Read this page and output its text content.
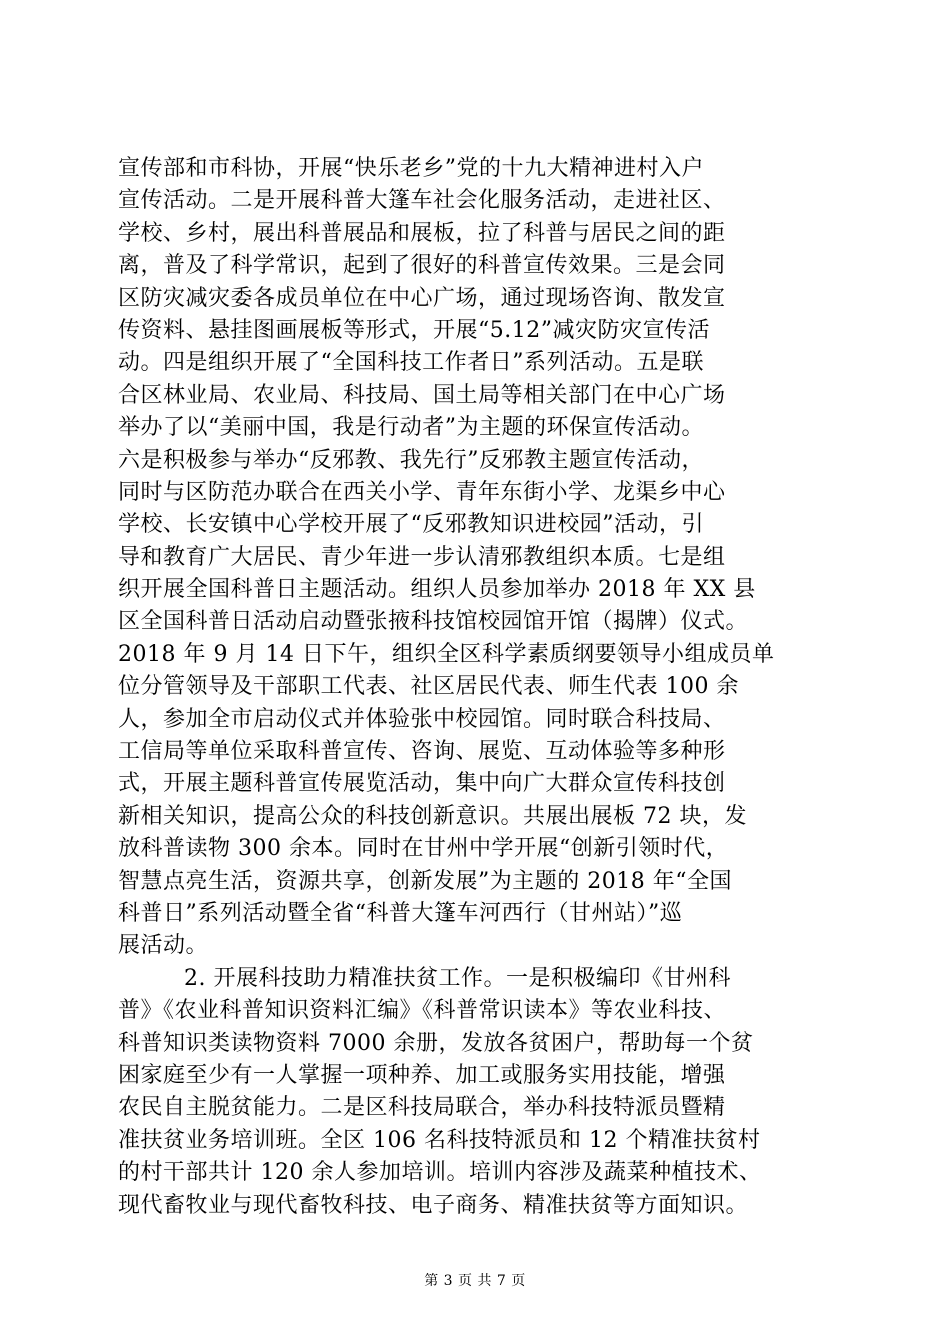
宣传部和市科协，开展“快乐老乡”党的十九大精神进村入户
宣传活动。二是开展科普大篷车社会化服务活动，走进社区、
学校、乡村，展出科普展品和展板，拉了科普与居民之间的距
离，普及了科学常识，起到了很好的科普宣传效果。三是会同
区防灾减灾委各成员单位在中心广场，通过现场咨询、散发宣
传资料、悬挂图画展板等形式，开展“5.12”减灾防灾宣传活
动。四是组织开展了“全国科技工作者日”系列活动。五是联
合区林业局、农业局、科技局、国土局等相关部门在中心广场
举办了以“美丽中国，我是行动者”为主题的环保宣传活动。
六是积极参与举办“反邪教、我先行”反邪教主题宣传活动，
同时与区防范办联合在西关小学、青年东街小学、龙渠乡中心
学校、长安镇中心学校开展了“反邪教知识进校园”活动，引
导和教育广大居民、青少年进一步认清邪教组织本质。七是组
织开展全国科普日主题活动。组织人员参加举办 2018 年 XX 县
区全国科普日活动启动暨张掖科技馆校园馆开馆（揭牌）仪式。
2018 年 9 月 14 日下午，组织全区科学素质纲要领导小组成员单
位分管领导及干部职工代表、社区居民代表、师生代表 100 余
人，参加全市启动仪式并体验张中校园馆。同时联合科技局、
工信局等单位采取科普宣传、咨询、展览、互动体验等多种形
式，开展主题科普宣传展览活动，集中向广大群众宣传科技创
新相关知识，提高公众的科技创新意识。共展出展板 72 块，发
放科普读物 300 余本。同时在甘州中学开展“创新引领时代，
智慧点亮生活，资源共享，创新发展”为主题的 2018 年“全国
科普日”系列活动暨全省“科普大篷车河西行（甘州站）”巡
展活动。
2. 开展科技助力精准扶贫工作。一是积极编印《甘州科
普》《农业科普知识资料汇编》《科普常识读本》等农业科技、
科普知识类读物资料 7000 余册，发放各贫困户，帮助每一个贫
困家庭至少有一人掌握一项种养、加工或服务实用技能，增强
农民自主脱贫能力。二是区科技局联合，举办科技特派员暨精
准扶贫业务培训班。全区 106 名科技特派员和 12 个精准扶贫村
的村干部共计 120 余人参加培训。培训内容涉及蔬菜种植技术、
现代畜牧业与现代畜牧科技、电子商务、精准扶贫等方面知识。
第 3 页 共 7 页
